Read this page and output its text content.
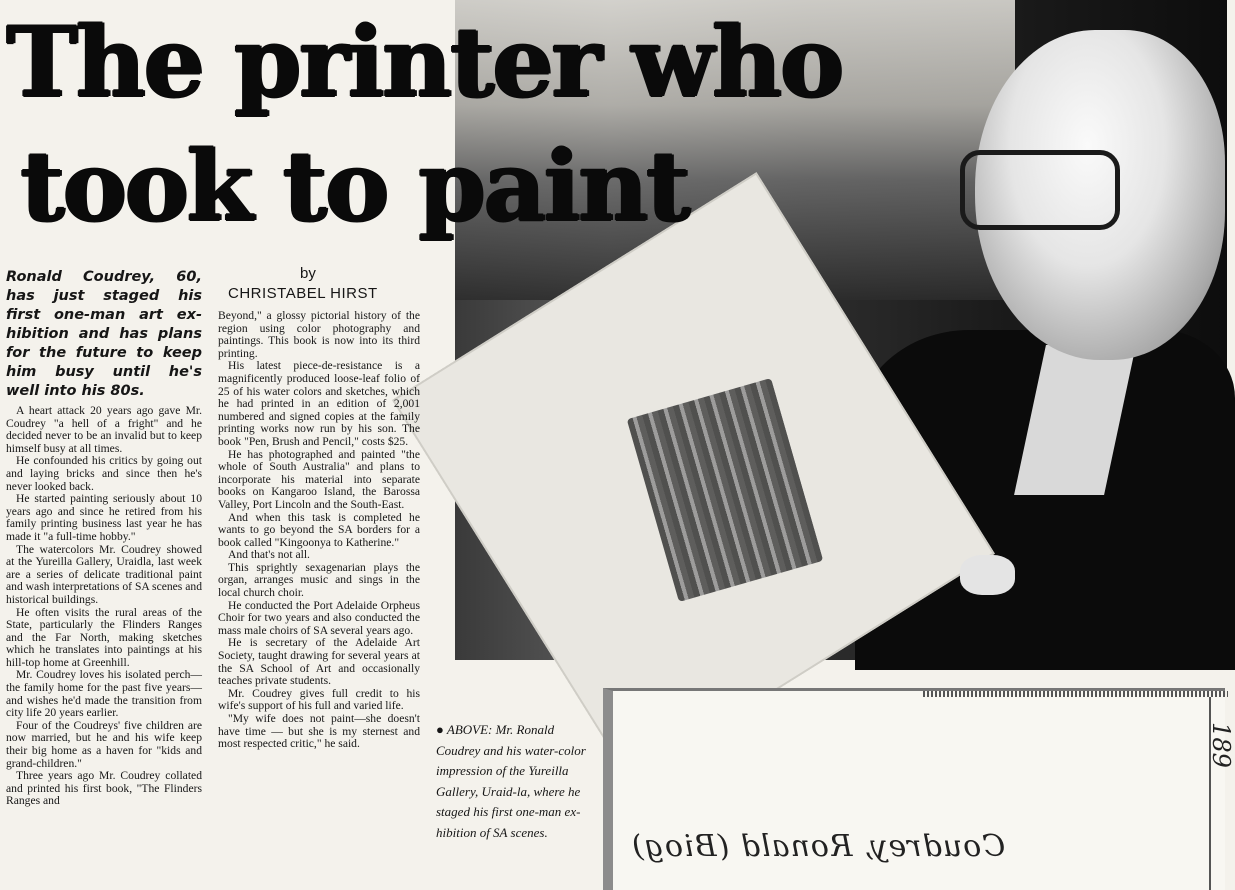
The printer who
took to paint
by
CHRISTABEL HIRST
Ronald Coudrey, 60,
has just staged his
first one-man art ex-
hibition and has plans
for the future to keep
him busy until he's
well into his 80s.

A heart attack 20 years ago gave Mr. Coudrey "a hell of a fright" and he decided never to be an invalid but to keep himself busy at all times.

He confounded his critics by going out and laying bricks and since then he's never looked back.

He started painting seriously about 10 years ago and since he retired from his family printing business last year he has made it "a full-time hobby."

The watercolors Mr. Coudrey showed at the Yureilla Gallery, Uraidla, last week are a series of delicate traditional paint and wash interpretations of SA scenes and historical buildings.

He often visits the rural areas of the State, particularly the Flinders Ranges and the Far North, making sketches which he translates into paintings at his hill-top home at Greenhill.

Mr. Coudrey loves his isolated perch—the family home for the past five years—and wishes he'd made the transition from city life 20 years earlier.

Four of the Coudreys' five children are now married, but he and his wife keep their big home as a haven for "kids and grand-children."

Three years ago Mr. Coudrey collated and printed his first book, "The Flinders Ranges and

Beyond," a glossy pictorial history of the region using color photography and paintings. This book is now into its third printing.

His latest piece-de-resistance is a magnificently produced loose-leaf folio of 25 of his water colors and sketches, which he had printed in an edition of 2,001 numbered and signed copies at the family printing works now run by his son. The book "Pen, Brush and Pencil," costs $25.

He has photographed and painted "the whole of South Australia" and plans to incorporate his material into separate books on Kangaroo Island, the Barossa Valley, Port Lincoln and the South-East.

And when this task is completed he wants to go beyond the SA borders for a book called "Kingoonya to Katherine."

And that's not all.

This sprightly sexagenarian plays the organ, arranges music and sings in the local church choir.

He conducted the Port Adelaide Orpheus Choir for two years and also conducted the mass male choirs of SA several years ago.

He is secretary of the Adelaide Art Society, taught drawing for several years at the SA School of Art and occasionally teaches private students.

Mr. Coudrey gives full credit to his wife's support of his full and varied life.

"My wife does not paint—she doesn't have time — but she is my sternest and most respected critic," he said.

● ABOVE: Mr. Ronald Coudrey and his water-color impression of the Yureilla Gallery, Uraid-la, where he staged his first one-man ex-hibition of SA scenes.	Coudrey, Ronald (Biog)
189
